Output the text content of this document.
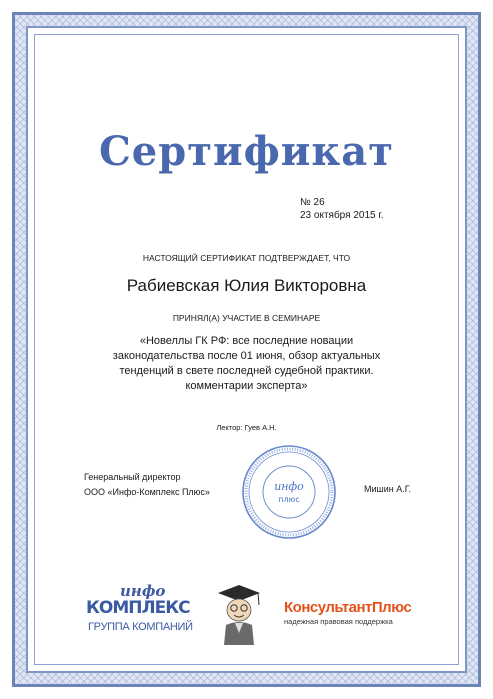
Сертификат
№ 26
23 октября 2015 г.
НАСТОЯЩИЙ СЕРТИФИКАТ ПОДТВЕРЖДАЕТ, ЧТО
Рабиевская Юлия Викторовна
ПРИНЯЛ(А) УЧАСТИЕ В СЕМИНАРЕ
«Новеллы ГК РФ: все последние новации законодательства после 01 июня, обзор актуальных тенденций в свете последней судебной практики. комментарии эксперта»
Лектор: Гуев А.Н.
Генеральный директор
ООО «Инфо-Комплекс Плюс»	Мишин А.Г.
инфо
плюс
инфо
КОМПЛЕКС
ГРУППА КОМПАНИЙ
КонсультантПлюс
надежная правовая поддержка
